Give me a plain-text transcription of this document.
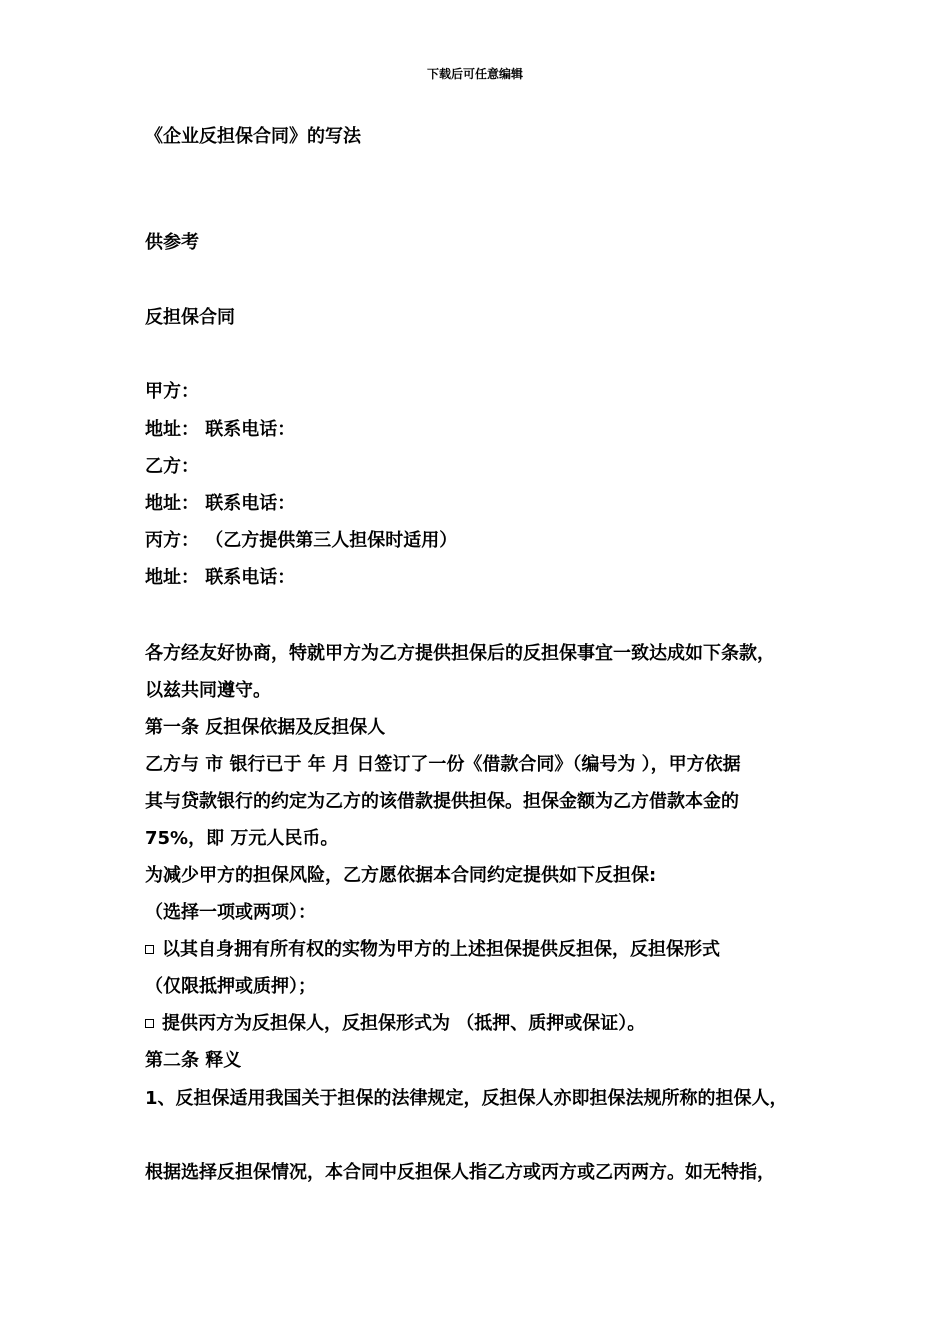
下载后可任意编辑
《企业反担保合同》的写法
供参考
反担保合同
甲方：
地址： 联系电话：
乙方：
地址： 联系电话：
丙方： （乙方提供第三人担保时适用）
地址： 联系电话：
各方经友好协商，特就甲方为乙方提供担保后的反担保事宜一致达成如下条款，
以兹共同遵守。
第一条 反担保依据及反担保人
乙方与 市 银行已于 年 月 日签订了一份《借款合同》（编号为 ），甲方依据
其与贷款银行的约定为乙方的该借款提供担保。担保金额为乙方借款本金的
75%，即 万元人民币。
为减少甲方的担保风险，乙方愿依据本合同约定提供如下反担保:
（选择一项或两项）：
以其自身拥有所有权的实物为甲方的上述担保提供反担保，反担保形式
（仅限抵押或质押）；
提供丙方为反担保人，反担保形式为 （抵押、质押或保证）。
第二条 释义
1、反担保适用我国关于担保的法律规定，反担保人亦即担保法规所称的担保人，
根据选择反担保情况，本合同中反担保人指乙方或丙方或乙丙两方。如无特指，
